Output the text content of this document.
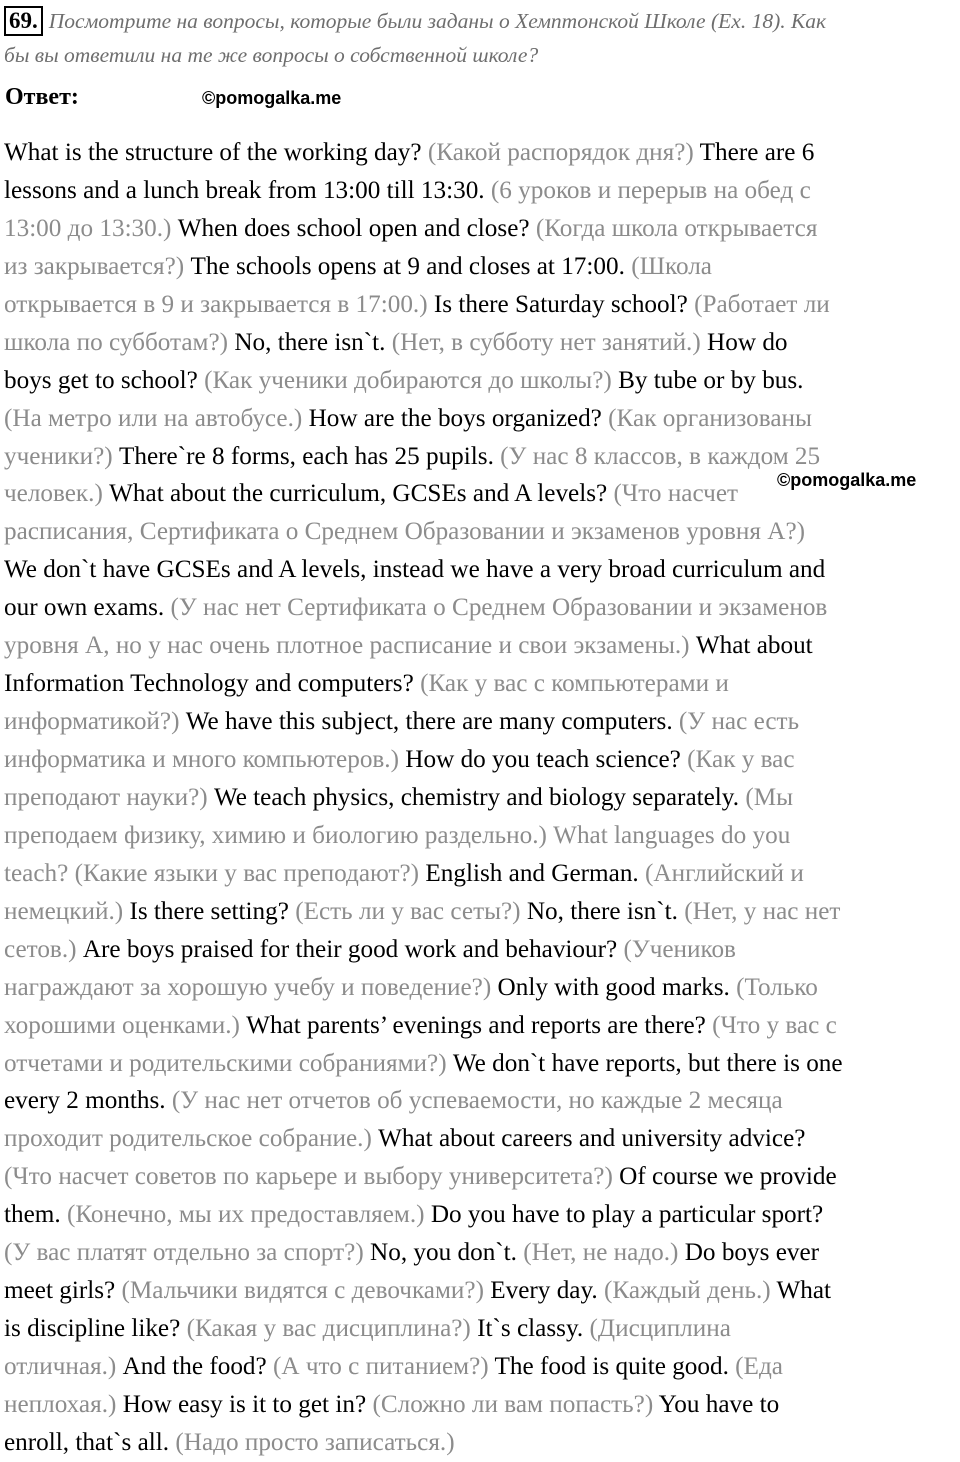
69. Посмотрите на вопросы, которые были заданы о Хемптонской Школе (Ex. 18). Как
бы вы ответили на те же вопросы о собственной школе?
Ответ:	©pomogalka.me
What is the structure of the working day? (Какой распорядок дня?) There are 6
lessons and a lunch break from 13:00 till 13:30. (6 уроков и перерыв на обед с
13:00 до 13:30.) When does school open and close? (Когда школа открывается
из закрывается?) The schools opens at 9 and closes at 17:00. (Школа
открывается в 9 и закрывается в 17:00.) Is there Saturday school? (Работает ли
школа по субботам?) No, there isn`t. (Нет, в субботу нет занятий.) How do
boys get to school? (Как ученики добираются до школы?) By tube or by bus.
(На метро или на автобусе.) How are the boys organized? (Как организованы
ученики?) There`re 8 forms, each has 25 pupils. (У нас 8 классов, в каждом 25
человек.) What about the curriculum, GCSEs and A levels? (Что насчет
расписания, Сертификата о Среднем Образовании и экзаменов уровня А?)
We don`t have GCSEs and A levels, instead we have a very broad curriculum and
our own exams. (У нас нет Сертификата о Среднем Образовании и экзаменов
уровня А, но у нас очень плотное расписание и свои экзамены.) What about
Information Technology and computers? (Как у вас с компьютерами и
информатикой?) We have this subject, there are many computers. (У нас есть
информатика и много компьютеров.) How do you teach science? (Как у вас
преподают науки?) We teach physics, chemistry and biology separately. (Мы
преподаем физику, химию и биологию раздельно.) What languages do you
teach? (Какие языки у вас преподают?) English and German. (Английский и
немецкий.) Is there setting? (Есть ли у вас сеты?) No, there isn`t. (Нет, у нас нет
сетов.) Are boys praised for their good work and behaviour? (Учеников
награждают за хорошую учебу и поведение?) Only with good marks. (Только
хорошими оценками.) What parents’ evenings and reports are there? (Что у вас с
отчетами и родительскими собраниями?) We don`t have reports, but there is one
every 2 months. (У нас нет отчетов об успеваемости, но каждые 2 месяца
проходит родительское собрание.) What about careers and university advice?
(Что насчет советов по карьере и выбору университета?) Of course we provide
them. (Конечно, мы их предоставляем.) Do you have to play a particular sport?
(У вас платят отдельно за спорт?) No, you don`t. (Нет, не надо.) Do boys ever
meet girls? (Мальчики видятся с девочками?) Every day. (Каждый день.) What
is discipline like? (Какая у вас дисциплина?) It`s classy. (Дисциплина
отличная.) And the food? (А что с питанием?) The food is quite good. (Еда
неплохая.) How easy is it to get in? (Сложно ли вам попасть?) You have to
enroll, that`s all. (Надо просто записаться.)
©pomogalka.me
